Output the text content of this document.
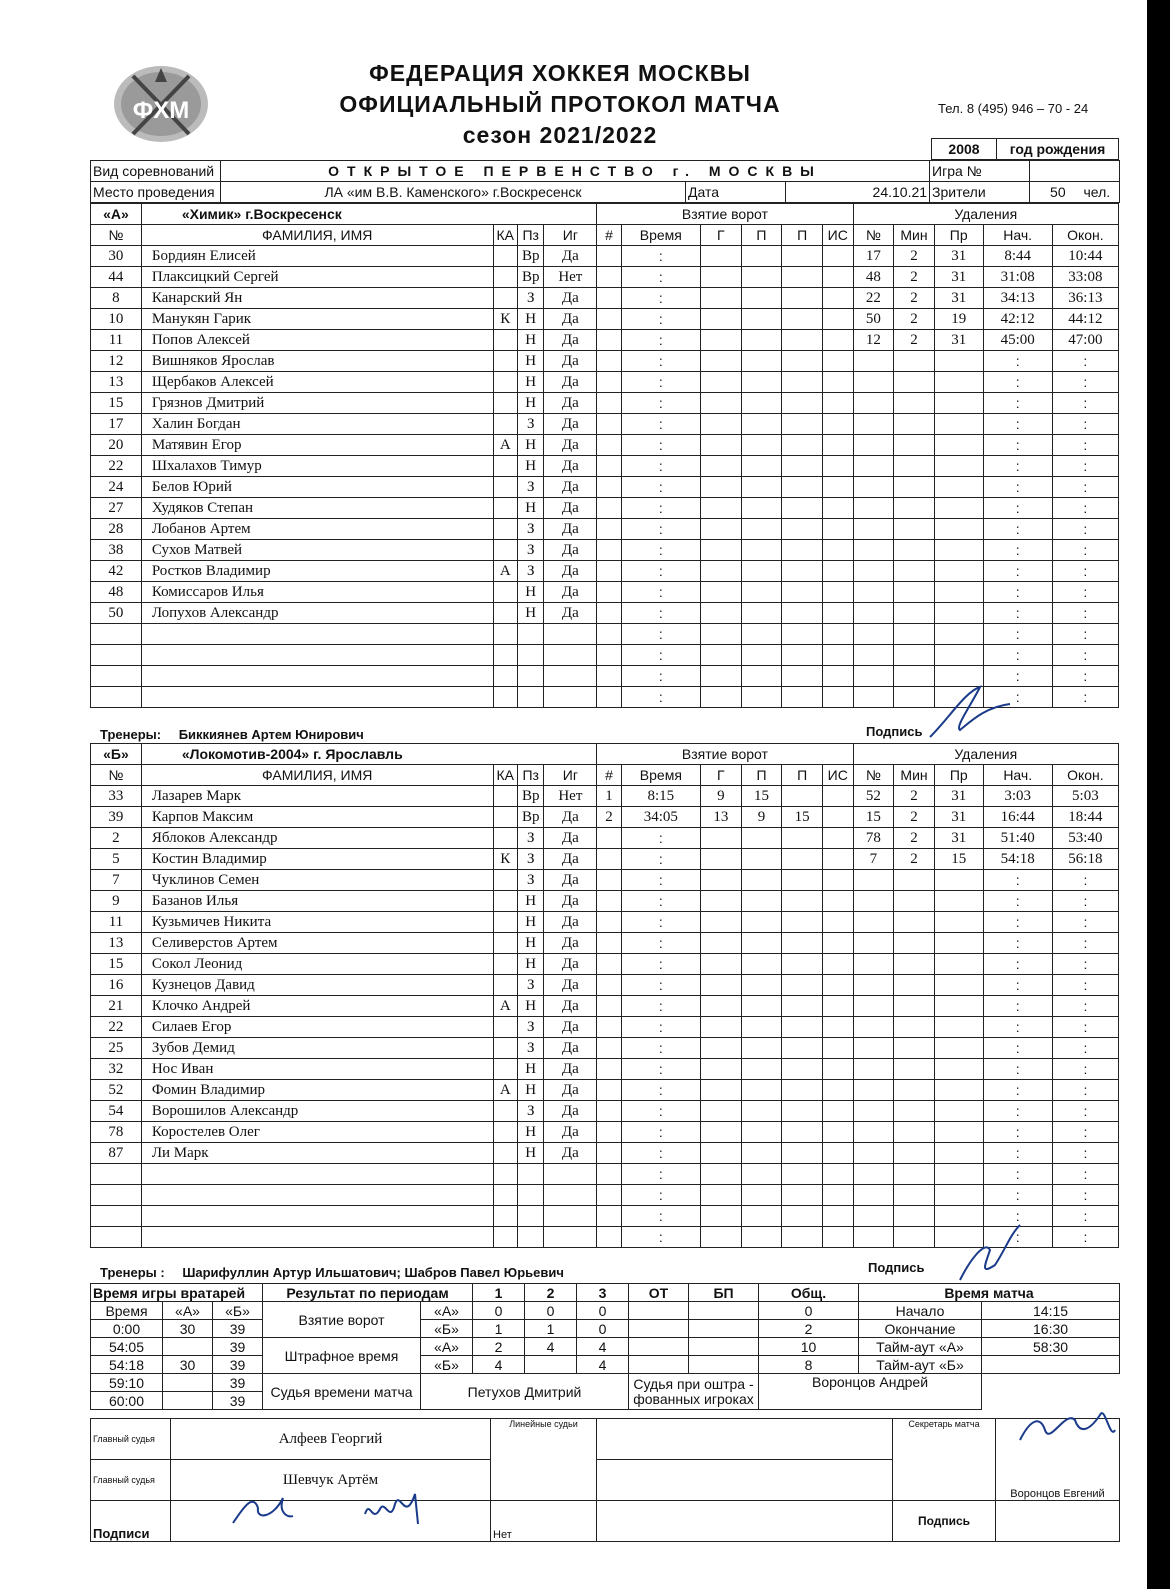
ФХМ
ФЕДЕРАЦИЯ ХОККЕЯ МОСКВЫ
ОФИЦИАЛЬНЫЙ ПРОТОКОЛ МАТЧА
сезон 2021/2022
Тел. 8 (495) 946 – 70 - 24
2008	год рождения
Вид соревнований	ОТКРЫТОЕ ПЕРВЕНСТВО г. МОСКВЫ			Игра №	
Место проведения	ЛА «им В.В. Каменского» г.Воскресенск	Дата	24.10.21	Зрители	50 чел.
«А»	«Химик» г.Воскресенск				Взятие ворот						Удаления				
№	ФАМИЛИЯ, ИМЯ	КА	Пз	Иг	#	Время	Г	П	П	ИС	№	Мин	Пр	Нач.	Окон.
30	Бордиян Елисей		Вр	Да		:					17	2	31	8:44	10:44
44	Плаксицкий Сергей		Вр	Нет		:					48	2	31	31:08	33:08
8	Канарский Ян		З	Да		:					22	2	31	34:13	36:13
10	Манукян Гарик	К	Н	Да		:					50	2	19	42:12	44:12
11	Попов Алексей		Н	Да		:					12	2	31	45:00	47:00
12	Вишняков Ярослав		Н	Да		:								:	:
13	Щербаков Алексей		Н	Да		:								:	:
15	Грязнов Дмитрий		Н	Да		:								:	:
17	Халин Богдан		З	Да		:								:	:
20	Матявин Егор	А	Н	Да		:								:	:
22	Шхалахов Тимур		Н	Да		:								:	:
24	Белов Юрий		З	Да		:								:	:
27	Худяков Степан		Н	Да		:								:	:
28	Лобанов Артем		З	Да		:								:	:
38	Сухов Матвей		З	Да		:								:	:
42	Ростков Владимир	А	З	Да		:								:	:
48	Комиссаров Илья		Н	Да		:								:	:
50	Лопухов Александр		Н	Да		:								:	:
						:								:	:
						:								:	:
						:								:	:
						:								:	:
Тренеры: Биккиянев Артем Юнирович	Подпись
«Б»	«Локомотив-2004» г. Ярославль				Взятие ворот						Удаления				
№	ФАМИЛИЯ, ИМЯ	КА	Пз	Иг	#	Время	Г	П	П	ИС	№	Мин	Пр	Нач.	Окон.
33	Лазарев Марк		Вр	Нет	1	8:15	9	15			52	2	31	3:03	5:03
39	Карпов Максим		Вр	Да	2	34:05	13	9	15		15	2	31	16:44	18:44
2	Яблоков Александр		З	Да		:					78	2	31	51:40	53:40
5	Костин Владимир	К	З	Да		:					7	2	15	54:18	56:18
7	Чуклинов Семен		З	Да		:								:	:
9	Базанов Илья		Н	Да		:								:	:
11	Кузьмичев Никита		Н	Да		:								:	:
13	Селиверстов Артем		Н	Да		:								:	:
15	Сокол Леонид		Н	Да		:								:	:
16	Кузнецов Давид		З	Да		:								:	:
21	Клочко Андрей	А	Н	Да		:								:	:
22	Силаев Егор		З	Да		:								:	:
25	Зубов Демид		З	Да		:								:	:
32	Нос Иван		Н	Да		:								:	:
52	Фомин Владимир	А	Н	Да		:								:	:
54	Ворошилов Александр		З	Да		:								:	:
78	Коростелев Олег		Н	Да		:								:	:
87	Ли Марк		Н	Да		:								:	:
						:								:	:
						:								:	:
						:								:	:
						:								:	:
Тренеры : Шарифуллин Артур Ильшатович; Шабров Павел Юрьевич	Подпись
Время игры вратарей			Результат по периодам		1	2	3	ОТ	БП	Общ.	Время матча	
Время	«А»	«Б»	Взятие ворот	«А»	0	0	0			0	Начало	14:15
0:00	30	39		«Б»	1	1	0			2	Окончание	16:30
54:05		39	Штрафное время	«А»	2	4	4			10	Тайм-аут «А»	58:30
54:18	30	39		«Б»	4		4			8	Тайм-аут «Б»	
59:10		39	Судья времени матча	Петухов Дмитрий				Судья при оштра - фованных игроках		Воронцов Андрей		
60:00		39										
Главный судья	Алфеев Георгий	Линейные судьи		Секретарь матча	Воронцов Евгений
Главный судья	Шевчук Артём				
Подписи		Нет		Подпись	
